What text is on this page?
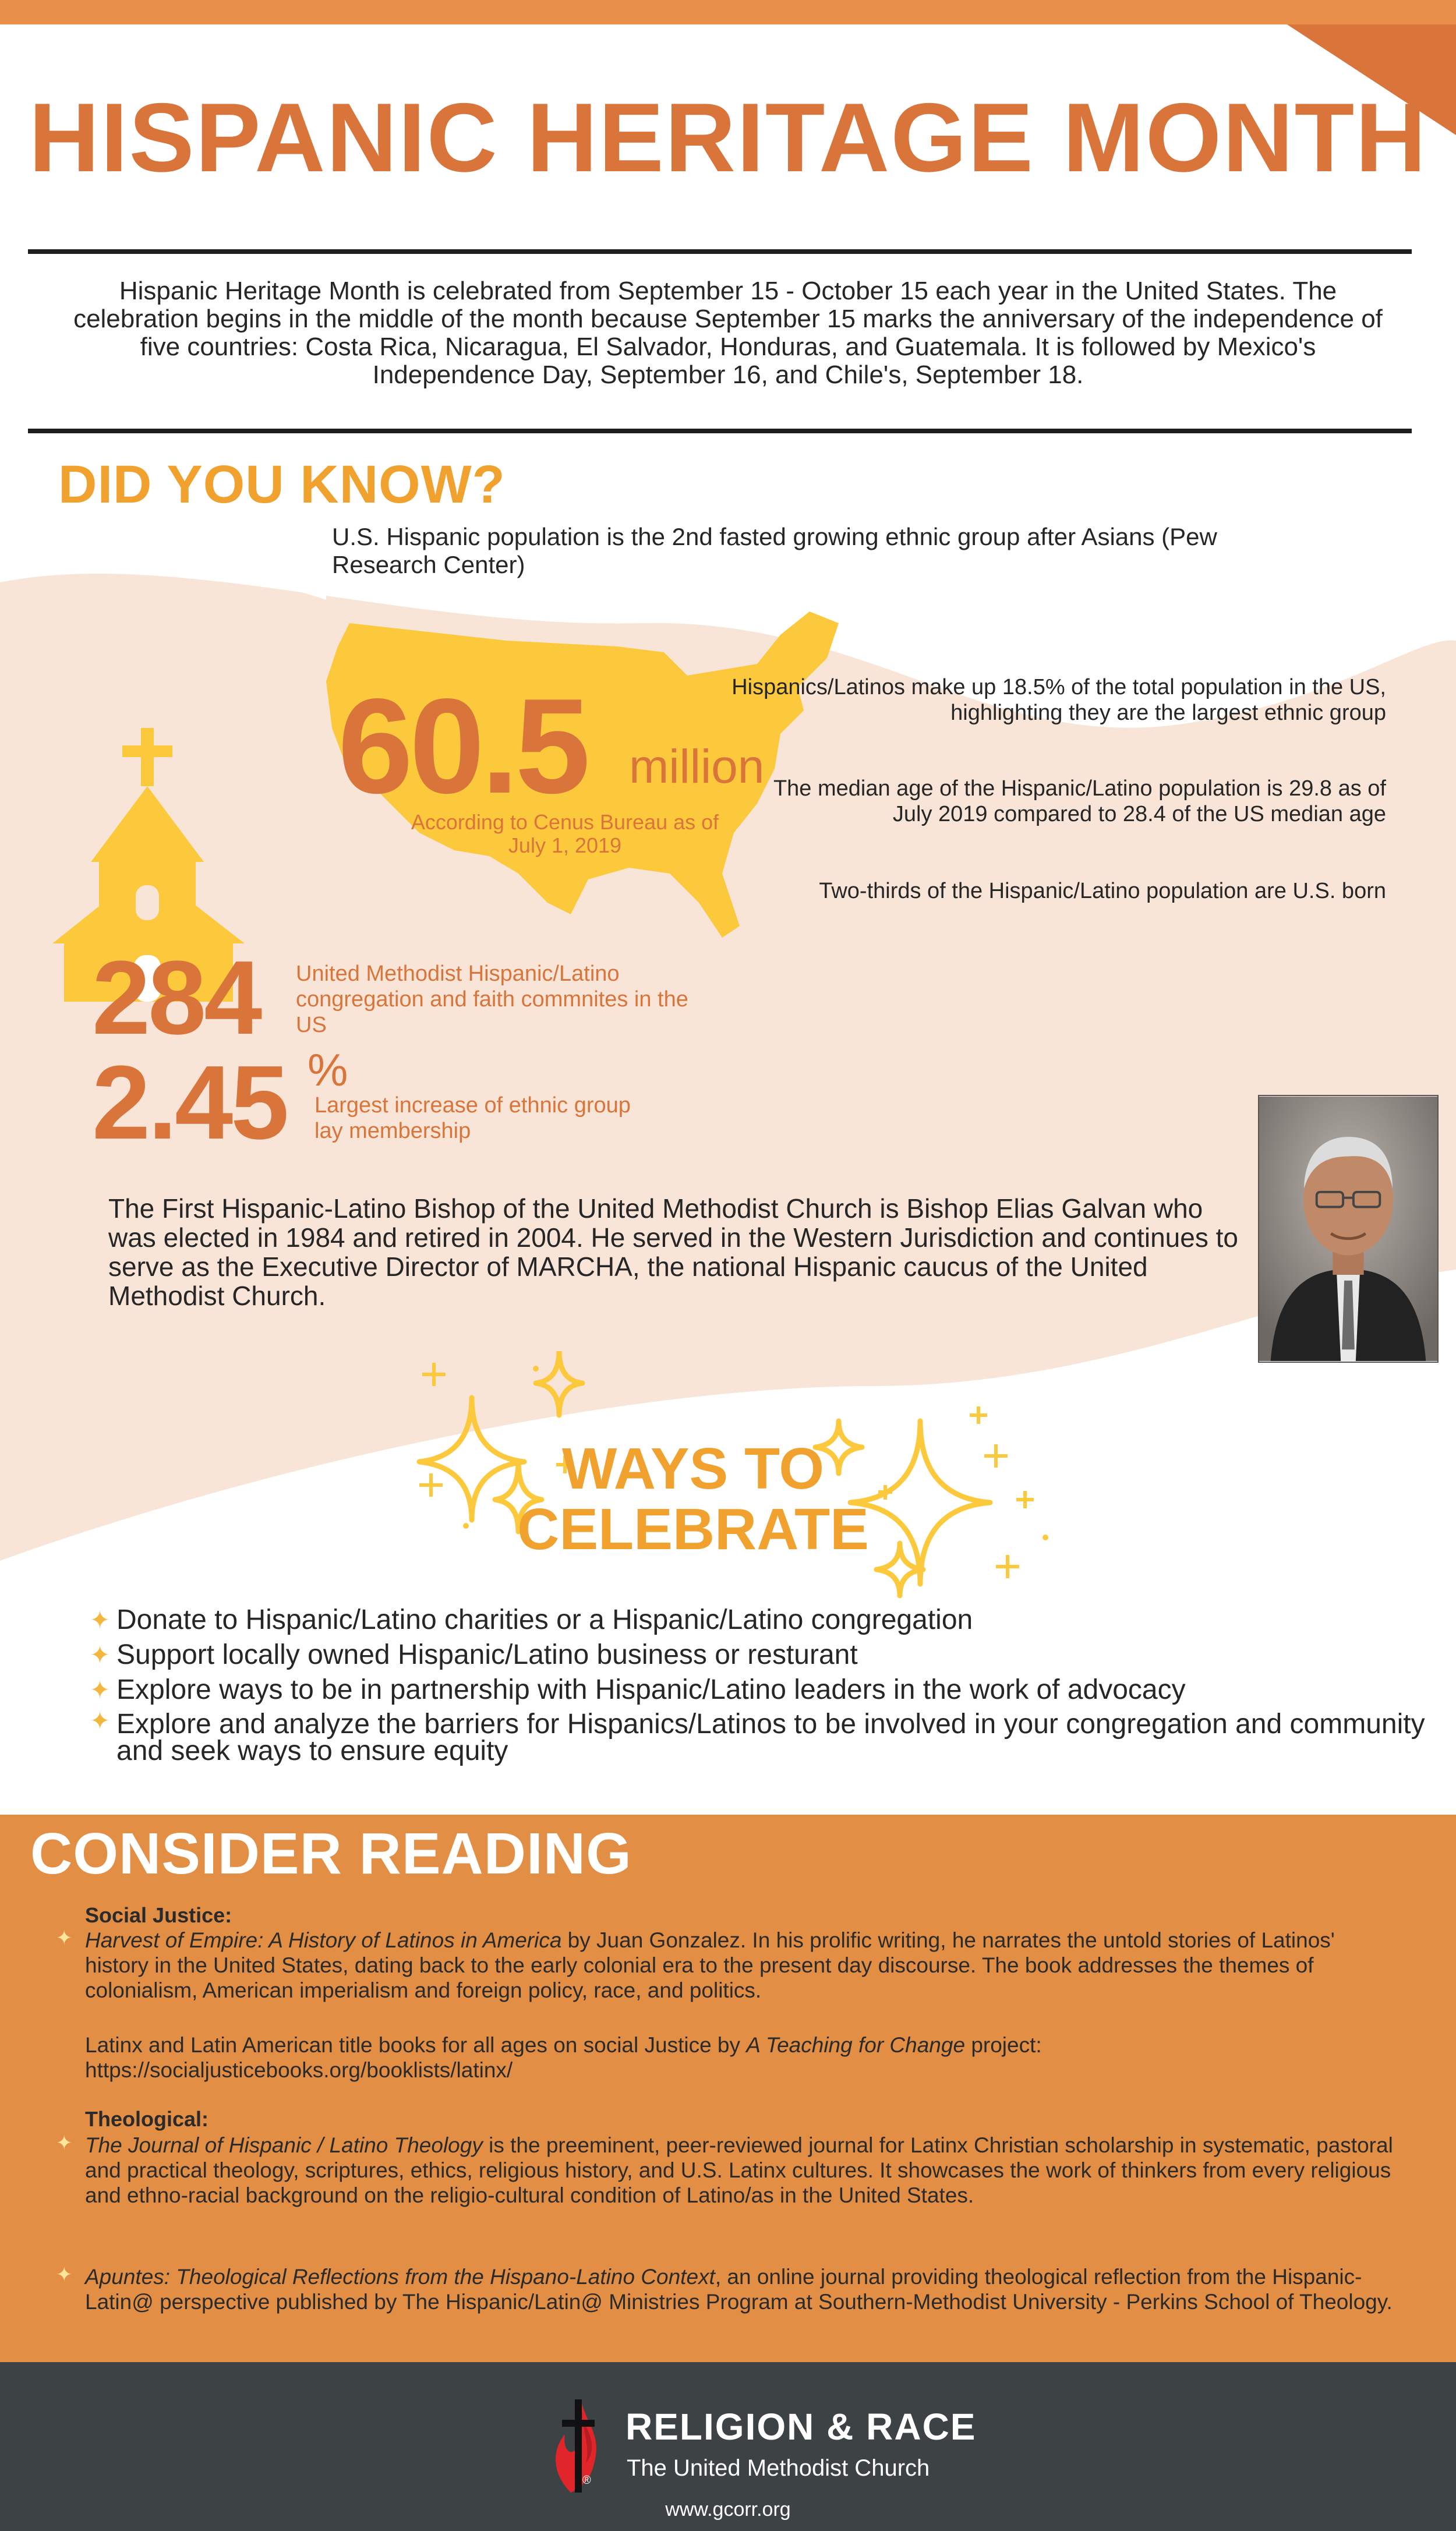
HISPANIC HERITAGE MONTH
Hispanic Heritage Month is celebrated from September 15 - October 15 each year in the United States. The celebration begins in the middle of the month because September 15 marks the anniversary of the independence of five countries: Costa Rica, Nicaragua, El Salvador, Honduras, and Guatemala. It is followed by Mexico's Independence Day, September 16, and Chile's, September 18.
DID YOU KNOW?
U.S. Hispanic population is the 2nd fasted growing ethnic group after Asians (Pew Research Center)
60.5 million
According to Cenus Bureau as of July 1, 2019
Hispanics/Latinos make up 18.5% of the total population in the US, highlighting they are the largest ethnic group
The median age of the Hispanic/Latino population is 29.8 as of July 2019 compared to 28.4 of the US median age
Two-thirds of the Hispanic/Latino population are U.S. born
284 United Methodist Hispanic/Latino congregation and faith commnites in the US
2.45 %
Largest increase of ethnic group lay membership
The First Hispanic-Latino Bishop of the United Methodist Church is Bishop Elias Galvan who was elected in 1984 and retired in 2004. He served in the Western Jurisdiction and continues to serve as the Executive Director of MARCHA, the national Hispanic caucus of the United Methodist Church.
WAYS TO
CELEBRATE
✦ Donate to Hispanic/Latino charities or a Hispanic/Latino congregation
✦ Support locally owned Hispanic/Latino business or resturant
✦ Explore ways to be in partnership with Hispanic/Latino leaders in the work of advocacy
✦ Explore and analyze the barriers for Hispanics/Latinos to be involved in your congregation and community and seek ways to ensure equity
CONSIDER READING
Social Justice:
✦ Harvest of Empire: A History of Latinos in America by Juan Gonzalez. In his prolific writing, he narrates the untold stories of Latinos' history in the United States, dating back to the early colonial era to the present day discourse. The book addresses the themes of colonialism, American imperialism and foreign policy, race, and politics.
Latinx and Latin American title books for all ages on social Justice by A Teaching for Change project: https://socialjusticebooks.org/booklists/latinx/
Theological:
✦ The Journal of Hispanic / Latino Theology is the preeminent, peer-reviewed journal for Latinx Christian scholarship in systematic, pastoral and practical theology, scriptures, ethics, religious history, and U.S. Latinx cultures. It showcases the work of thinkers from every religious and ethno-racial background on the religio-cultural condition of Latino/as in the United States.
✦ Apuntes: Theological Reflections from the Hispano-Latino Context, an online journal providing theological reflection from the Hispanic-Latin@ perspective published by The Hispanic/Latin@ Ministries Program at Southern-Methodist University - Perkins School of Theology.
RELIGION & RACE
The United Methodist Church
®
www.gcorr.org
